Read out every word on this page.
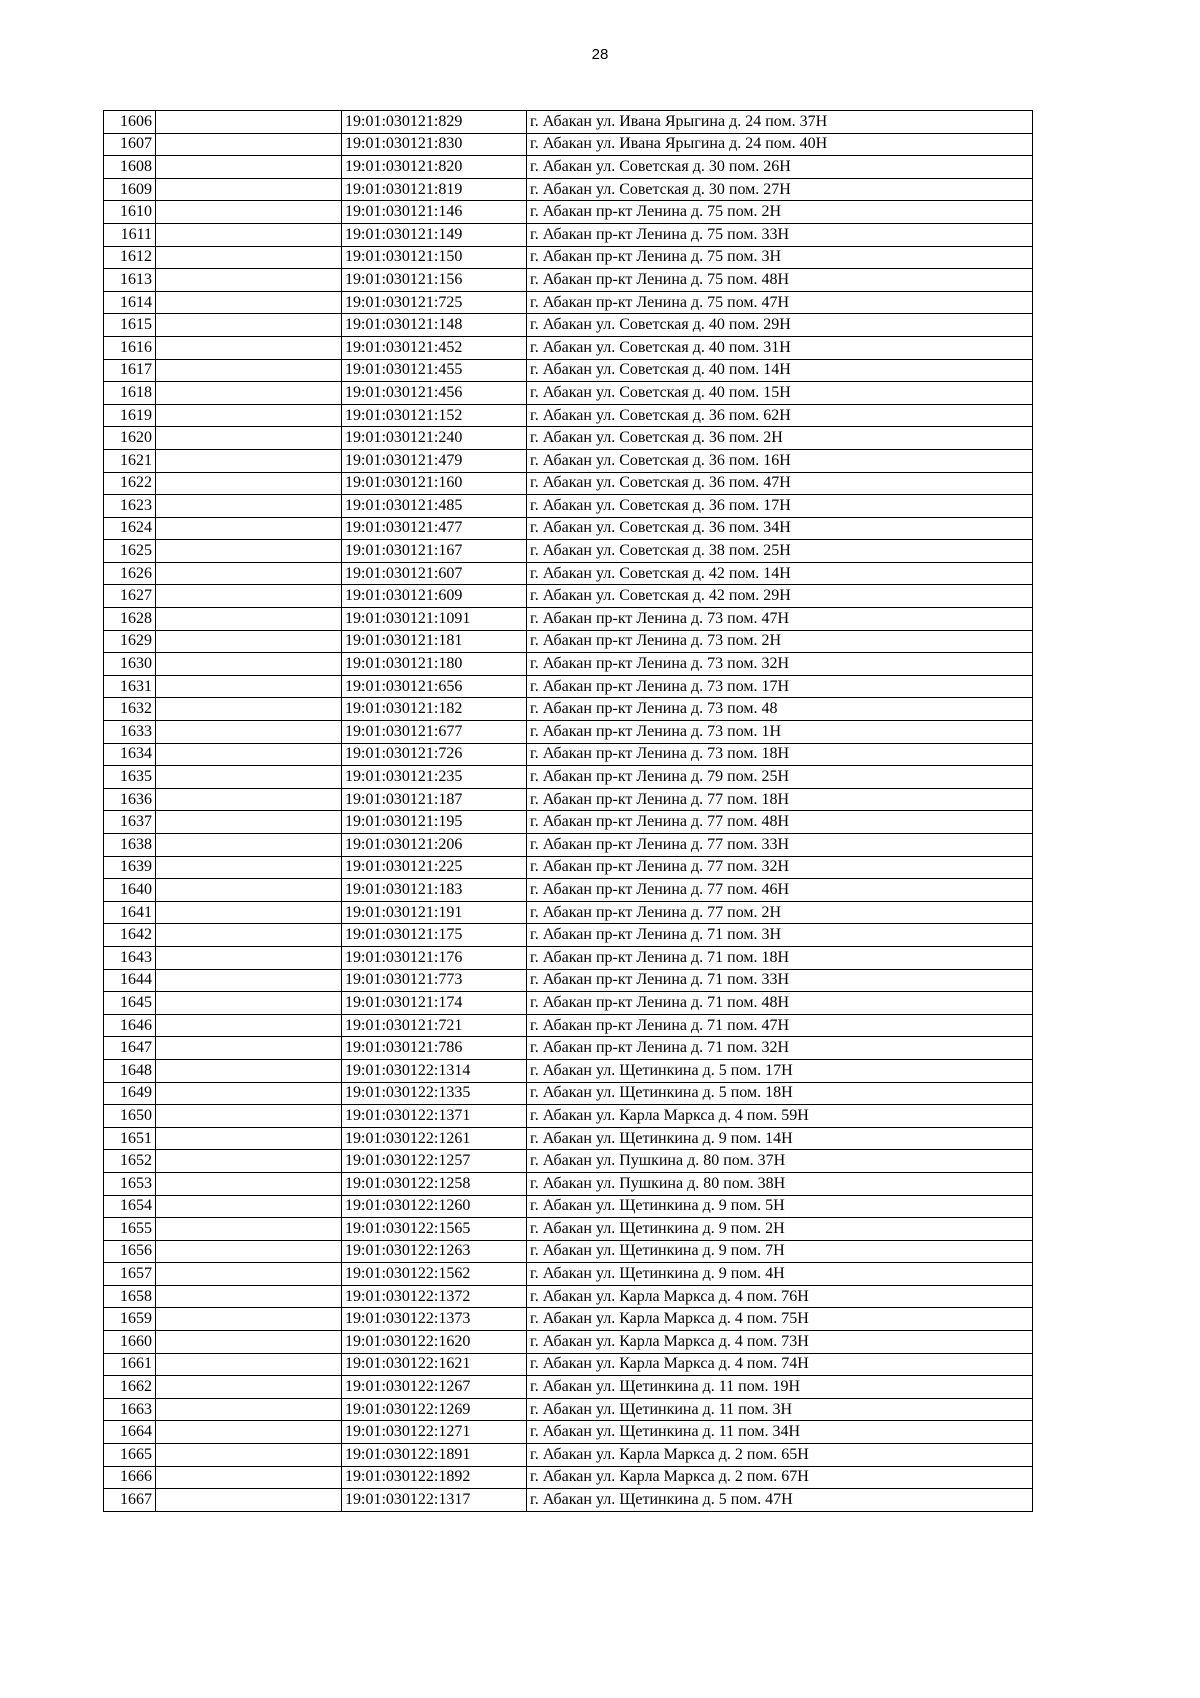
28
1606		19:01:030121:829	г. Абакан ул. Ивана Ярыгина д. 24 пом. 37Н
1607		19:01:030121:830	г. Абакан ул. Ивана Ярыгина д. 24 пом. 40Н
1608		19:01:030121:820	г. Абакан ул. Советская д. 30 пом. 26Н
1609		19:01:030121:819	г. Абакан ул. Советская д. 30 пом. 27Н
1610		19:01:030121:146	г. Абакан пр-кт Ленина д. 75 пом. 2Н
1611		19:01:030121:149	г. Абакан пр-кт Ленина д. 75 пом. 33Н
1612		19:01:030121:150	г. Абакан пр-кт Ленина д. 75 пом. 3Н
1613		19:01:030121:156	г. Абакан пр-кт Ленина д. 75 пом. 48Н
1614		19:01:030121:725	г. Абакан пр-кт Ленина д. 75 пом. 47Н
1615		19:01:030121:148	г. Абакан ул. Советская д. 40 пом. 29Н
1616		19:01:030121:452	г. Абакан ул. Советская д. 40 пом. 31Н
1617		19:01:030121:455	г. Абакан ул. Советская д. 40 пом. 14Н
1618		19:01:030121:456	г. Абакан ул. Советская д. 40 пом. 15Н
1619		19:01:030121:152	г. Абакан ул. Советская д. 36 пом. 62Н
1620		19:01:030121:240	г. Абакан ул. Советская д. 36 пом. 2Н
1621		19:01:030121:479	г. Абакан ул. Советская д. 36 пом. 16Н
1622		19:01:030121:160	г. Абакан ул. Советская д. 36 пом. 47Н
1623		19:01:030121:485	г. Абакан ул. Советская д. 36 пом. 17Н
1624		19:01:030121:477	г. Абакан ул. Советская д. 36 пом. 34Н
1625		19:01:030121:167	г. Абакан ул. Советская д. 38 пом. 25Н
1626		19:01:030121:607	г. Абакан ул. Советская д. 42 пом. 14Н
1627		19:01:030121:609	г. Абакан ул. Советская д. 42 пом. 29Н
1628		19:01:030121:1091	г. Абакан пр-кт Ленина д. 73 пом. 47Н
1629		19:01:030121:181	г. Абакан пр-кт Ленина д. 73 пом. 2Н
1630		19:01:030121:180	г. Абакан пр-кт Ленина д. 73 пом. 32Н
1631		19:01:030121:656	г. Абакан пр-кт Ленина д. 73 пом. 17Н
1632		19:01:030121:182	г. Абакан пр-кт Ленина д. 73 пом. 48
1633		19:01:030121:677	г. Абакан пр-кт Ленина д. 73 пом. 1Н
1634		19:01:030121:726	г. Абакан пр-кт Ленина д. 73 пом. 18Н
1635		19:01:030121:235	г. Абакан пр-кт Ленина д. 79 пом. 25Н
1636		19:01:030121:187	г. Абакан пр-кт Ленина д. 77 пом. 18Н
1637		19:01:030121:195	г. Абакан пр-кт Ленина д. 77 пом. 48Н
1638		19:01:030121:206	г. Абакан пр-кт Ленина д. 77 пом. 33Н
1639		19:01:030121:225	г. Абакан пр-кт Ленина д. 77 пом. 32Н
1640		19:01:030121:183	г. Абакан пр-кт Ленина д. 77 пом. 46Н
1641		19:01:030121:191	г. Абакан пр-кт Ленина д. 77 пом. 2Н
1642		19:01:030121:175	г. Абакан пр-кт Ленина д. 71 пом. 3Н
1643		19:01:030121:176	г. Абакан пр-кт Ленина д. 71 пом. 18Н
1644		19:01:030121:773	г. Абакан пр-кт Ленина д. 71 пом. 33Н
1645		19:01:030121:174	г. Абакан пр-кт Ленина д. 71 пом. 48Н
1646		19:01:030121:721	г. Абакан пр-кт Ленина д. 71 пом. 47Н
1647		19:01:030121:786	г. Абакан пр-кт Ленина д. 71 пом. 32Н
1648		19:01:030122:1314	г. Абакан ул. Щетинкина д. 5 пом. 17Н
1649		19:01:030122:1335	г. Абакан ул. Щетинкина д. 5 пом. 18Н
1650		19:01:030122:1371	г. Абакан ул. Карла Маркса д. 4 пом. 59Н
1651		19:01:030122:1261	г. Абакан ул. Щетинкина д. 9 пом. 14Н
1652		19:01:030122:1257	г. Абакан ул. Пушкина д. 80 пом. 37Н
1653		19:01:030122:1258	г. Абакан ул. Пушкина д. 80 пом. 38Н
1654		19:01:030122:1260	г. Абакан ул. Щетинкина д. 9 пом. 5Н
1655		19:01:030122:1565	г. Абакан ул. Щетинкина д. 9 пом. 2Н
1656		19:01:030122:1263	г. Абакан ул. Щетинкина д. 9 пом. 7Н
1657		19:01:030122:1562	г. Абакан ул. Щетинкина д. 9 пом. 4Н
1658		19:01:030122:1372	г. Абакан ул. Карла Маркса д. 4 пом. 76Н
1659		19:01:030122:1373	г. Абакан ул. Карла Маркса д. 4 пом. 75Н
1660		19:01:030122:1620	г. Абакан ул. Карла Маркса д. 4 пом. 73Н
1661		19:01:030122:1621	г. Абакан ул. Карла Маркса д. 4 пом. 74Н
1662		19:01:030122:1267	г. Абакан ул. Щетинкина д. 11 пом. 19Н
1663		19:01:030122:1269	г. Абакан ул. Щетинкина д. 11 пом. 3Н
1664		19:01:030122:1271	г. Абакан ул. Щетинкина д. 11 пом. 34Н
1665		19:01:030122:1891	г. Абакан ул. Карла Маркса д. 2 пом. 65Н
1666		19:01:030122:1892	г. Абакан ул. Карла Маркса д. 2 пом. 67Н
1667		19:01:030122:1317	г. Абакан ул. Щетинкина д. 5 пом. 47Н
